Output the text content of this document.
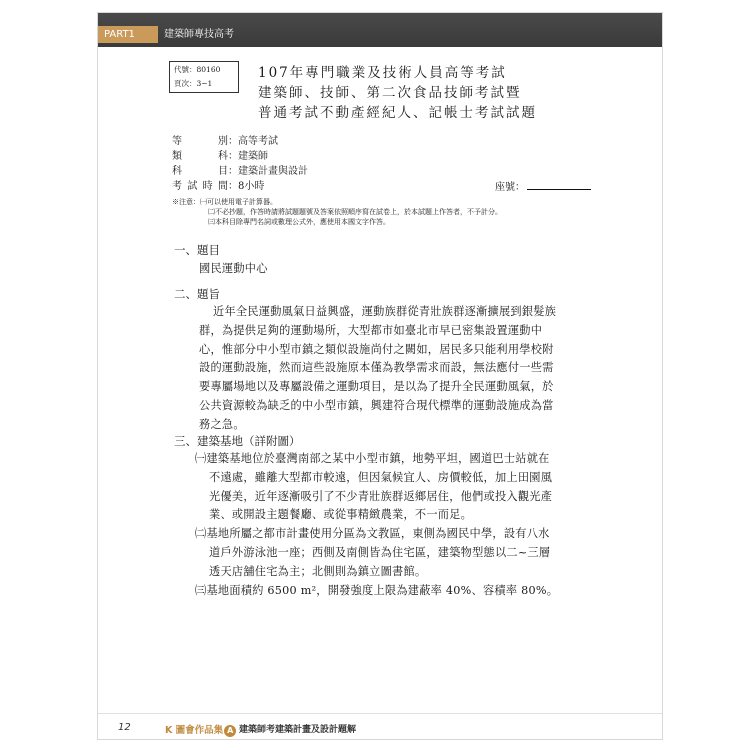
PART1	建築師專技高考
代號：80160
頁次：3−1
107年專門職業及技術人員高等考試
建築師、技師、第二次食品技師考試暨
普通考試不動產經紀人、記帳士考試試題
等別 ：高等考試
類科 ：建築師
科目 ：建築計畫與設計
考試時間 ：8小時	座號：
※注意：㈠可以使用電子計算器。
㈡不必抄題，作答時請將試題題號及答案依照順序寫在試卷上，於本試題上作答者，不予計分。
㈢本科目除專門名詞或數理公式外，應使用本國文字作答。
一、題目
國民運動中心
二、題旨
近年全民運動風氣日益興盛，運動族群從青壯族群逐漸擴展到銀髮族
群，為提供足夠的運動場所，大型都市如臺北市早已密集設置運動中
心，惟部分中小型市鎮之類似設施尚付之闕如，居民多只能利用學校附
設的運動設施，然而這些設施原本僅為教學需求而設，無法應付一些需
要專屬場地以及專屬設備之運動項目，是以為了提升全民運動風氣，於
公共資源較為缺乏的中小型市鎮，興建符合現代標準的運動設施成為當
務之急。
三、建築基地（詳附圖）
㈠建築基地位於臺灣南部之某中小型市鎮，地勢平坦，國道巴士站就在
不遠處，雖離大型都市較遠，但因氣候宜人、房價較低，加上田園風
光優美，近年逐漸吸引了不少青壯族群返鄉居住，他們或投入觀光產
業、或開設主題餐廳、或從事精緻農業，不一而足。
㈡基地所屬之都市計畫使用分區為文教區，東側為國民中學，設有八水
道戶外游泳池一座；西側及南側皆為住宅區，建築物型態以二~三層
透天店舖住宅為主；北側則為鎮立圖書館。
㈢基地面積約 6500 m²，開發強度上限為建蔽率 40%、容積率 80%。
12	K 圖會作品集 A 建築師考建築計畫及設計題解
